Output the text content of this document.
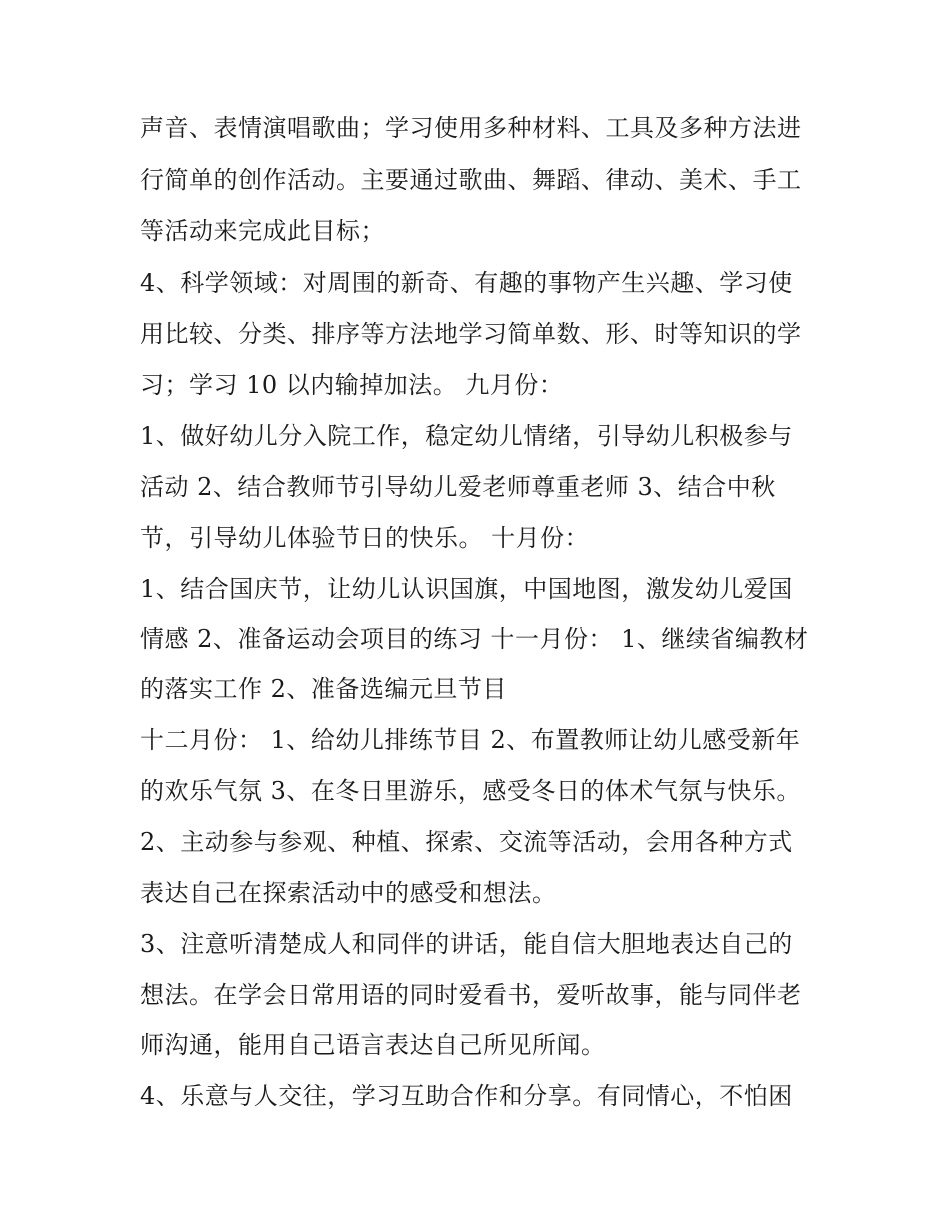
声音、表情演唱歌曲；学习使用多种材料、工具及多种方法进
行简单的创作活动。主要通过歌曲、舞蹈、律动、美术、手工
等活动来完成此目标；
4、科学领域：对周围的新奇、有趣的事物产生兴趣、学习使
用比较、分类、排序等方法地学习简单数、形、时等知识的学
习；学习 10 以内输掉加法。 九月份：
1、做好幼儿分入院工作，稳定幼儿情绪，引导幼儿积极参与
活动 2、结合教师节引导幼儿爱老师尊重老师 3、结合中秋
节，引导幼儿体验节日的快乐。 十月份：
1、结合国庆节，让幼儿认识国旗，中国地图，激发幼儿爱国
情感 2、准备运动会项目的练习 十一月份： 1、继续省编教材
的落实工作 2、准备选编元旦节目
十二月份： 1、给幼儿排练节目 2、布置教师让幼儿感受新年
的欢乐气氛 3、在冬日里游乐，感受冬日的体术气氛与快乐。
2、主动参与参观、种植、探索、交流等活动，会用各种方式
表达自己在探索活动中的感受和想法。
3、注意听清楚成人和同伴的讲话，能自信大胆地表达自己的
想法。在学会日常用语的同时爱看书，爱听故事，能与同伴老
师沟通，能用自己语言表达自己所见所闻。
4、乐意与人交往，学习互助合作和分享。有同情心，不怕困
